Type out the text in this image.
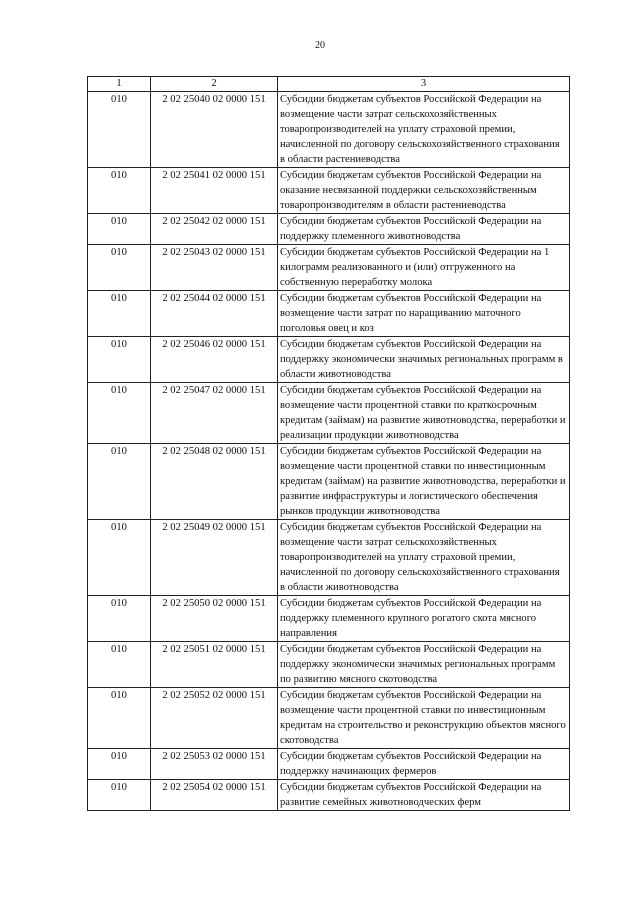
20
1	2	3
010	2 02 25040 02 0000 151	Субсидии бюджетам субъектов Российской Федерации на возмещение части затрат сельскохозяйственных товаропроизводителей на уплату страховой премии, начисленной по договору сельскохозяйственного страхования в области растениеводства
010	2 02 25041 02 0000 151	Субсидии бюджетам субъектов Российской Федерации на оказание несвязанной поддержки сельскохозяйственным товаропроизводителям в области растениеводства
010	2 02 25042 02 0000 151	Субсидии бюджетам субъектов Российской Федерации на поддержку племенного животноводства
010	2 02 25043 02 0000 151	Субсидии бюджетам субъектов Российской Федерации на 1 килограмм реализованного и (или) отгруженного на собственную переработку молока
010	2 02 25044 02 0000 151	Субсидии бюджетам субъектов Российской Федерации на возмещение части затрат по наращиванию маточного поголовья овец и коз
010	2 02 25046 02 0000 151	Субсидии бюджетам субъектов Российской Федерации на поддержку экономически значимых региональных программ в области животноводства
010	2 02 25047 02 0000 151	Субсидии бюджетам субъектов Российской Федерации на возмещение части процентной ставки по краткосрочным кредитам (займам) на развитие животноводства, переработки и реализации продукции животноводства
010	2 02 25048 02 0000 151	Субсидии бюджетам субъектов Российской Федерации на возмещение части процентной ставки по инвестиционным кредитам (займам) на развитие животноводства, переработки и развитие инфраструктуры и логистического обеспечения рынков продукции животноводства
010	2 02 25049 02 0000 151	Субсидии бюджетам субъектов Российской Федерации на возмещение части затрат сельскохозяйственных товаропроизводителей на уплату страховой премии, начисленной по договору сельскохозяйственного страхования в области животноводства
010	2 02 25050 02 0000 151	Субсидии бюджетам субъектов Российской Федерации на поддержку племенного крупного рогатого скота мясного направления
010	2 02 25051 02 0000 151	Субсидии бюджетам субъектов Российской Федерации на поддержку экономически значимых региональных программ по развитию мясного скотоводства
010	2 02 25052 02 0000 151	Субсидии бюджетам субъектов Российской Федерации на возмещение части процентной ставки по инвестиционным кредитам на строительство и реконструкцию объектов мясного скотоводства
010	2 02 25053 02 0000 151	Субсидии бюджетам субъектов Российской Федерации на поддержку начинающих фермеров
010	2 02 25054 02 0000 151	Субсидии бюджетам субъектов Российской Федерации на развитие семейных животноводческих ферм
